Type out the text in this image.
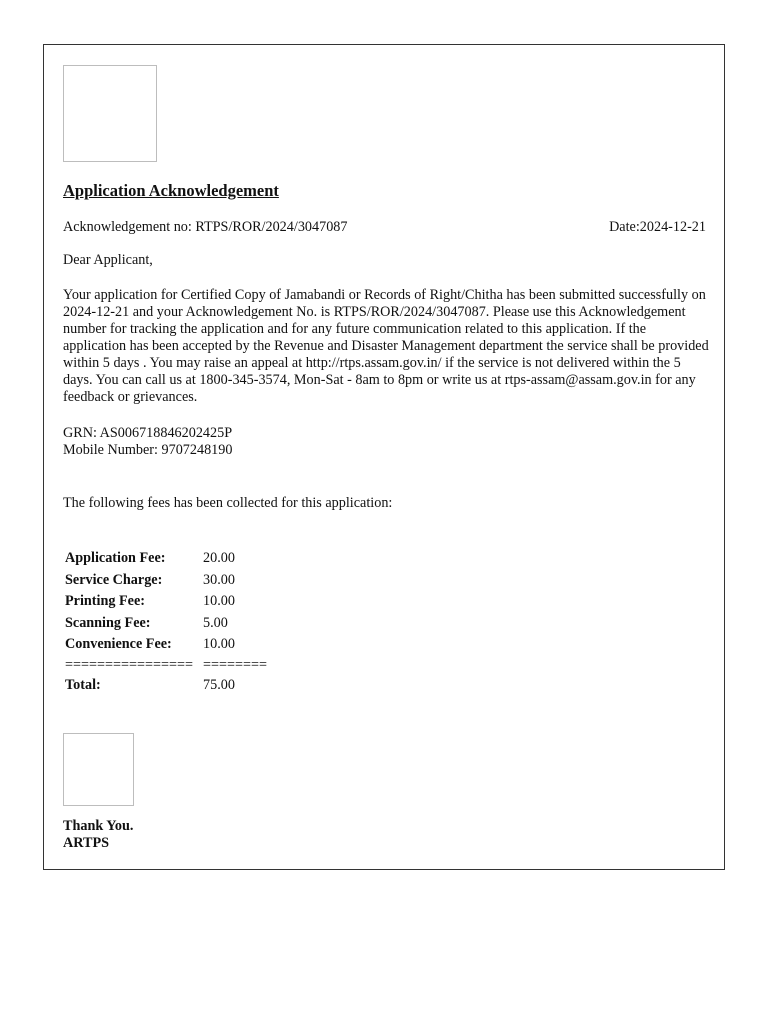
Application Acknowledgement
Acknowledgement no: RTPS/ROR/2024/3047087	Date:2024-12-21
Dear Applicant,

Your application for Certified Copy of Jamabandi or Records of Right/Chitha has been submitted successfully on 2024-12-21 and your Acknowledgement No. is RTPS/ROR/2024/3047087. Please use this Acknowledgement number for tracking the application and for any future communication related to this application. If the application has been accepted by the Revenue and Disaster Management department the service shall be provided within 5 days . You may raise an appeal at http://rtps.assam.gov.in/ if the service is not delivered within the 5 days. You can call us at 1800-345-3574, Mon-Sat - 8am to 8pm or write us at rtps-assam@assam.gov.in for any feedback or grievances.

GRN: AS006718846202425P
Mobile Number: 9707248190
The following fees has been collected for this application:
Application Fee:	20.00
Service Charge:	30.00
Printing Fee:	10.00
Scanning Fee:	5.00
Convenience Fee:	10.00
================	========
Total:	75.00
Thank You.
ARTPS
